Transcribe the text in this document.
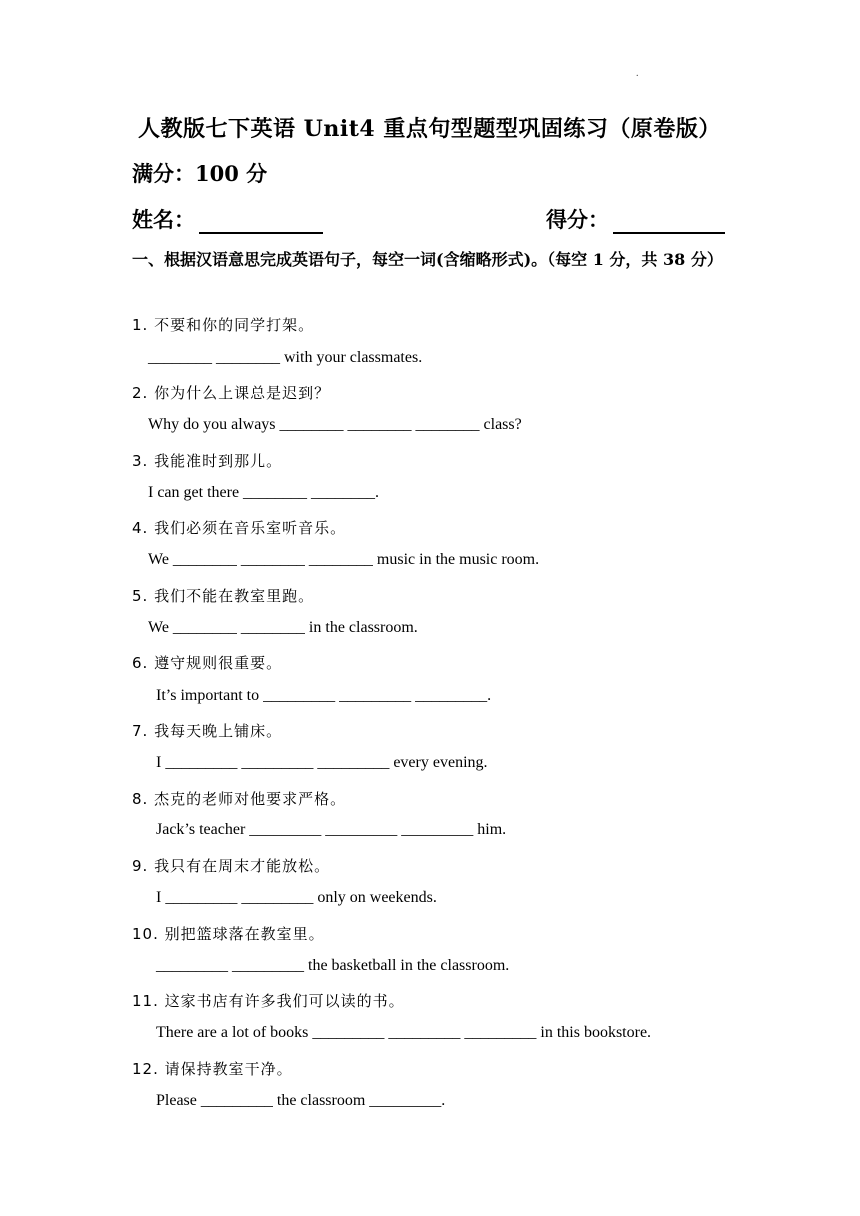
.
人教版七下英语 Unit4 重点句型题型巩固练习（原卷版）
满分：100 分
姓名：	得分：
一、根据汉语意思完成英语句子，每空一词(含缩略形式)。（每空 1 分，共 38 分）
1. 不要和你的同学打架。
________ ________ with your classmates.
2. 你为什么上课总是迟到？
Why do you always ________ ________ ________ class?
3. 我能准时到那儿。
I can get there ________ ________.
4. 我们必须在音乐室听音乐。
We ________ ________ ________ music in the music room.
5. 我们不能在教室里跑。
We ________ ________ in the classroom.
6. 遵守规则很重要。
It’s important to _________ _________ _________.
7. 我每天晚上铺床。
I _________ _________ _________ every evening.
8. 杰克的老师对他要求严格。
Jack’s teacher _________ _________ _________ him.
9. 我只有在周末才能放松。
I _________ _________ only on weekends.
10. 别把篮球落在教室里。
_________ _________ the basketball in the classroom.
11. 这家书店有许多我们可以读的书。
There are a lot of books _________ _________ _________ in this bookstore.
12. 请保持教室干净。
Please _________ the classroom _________.
